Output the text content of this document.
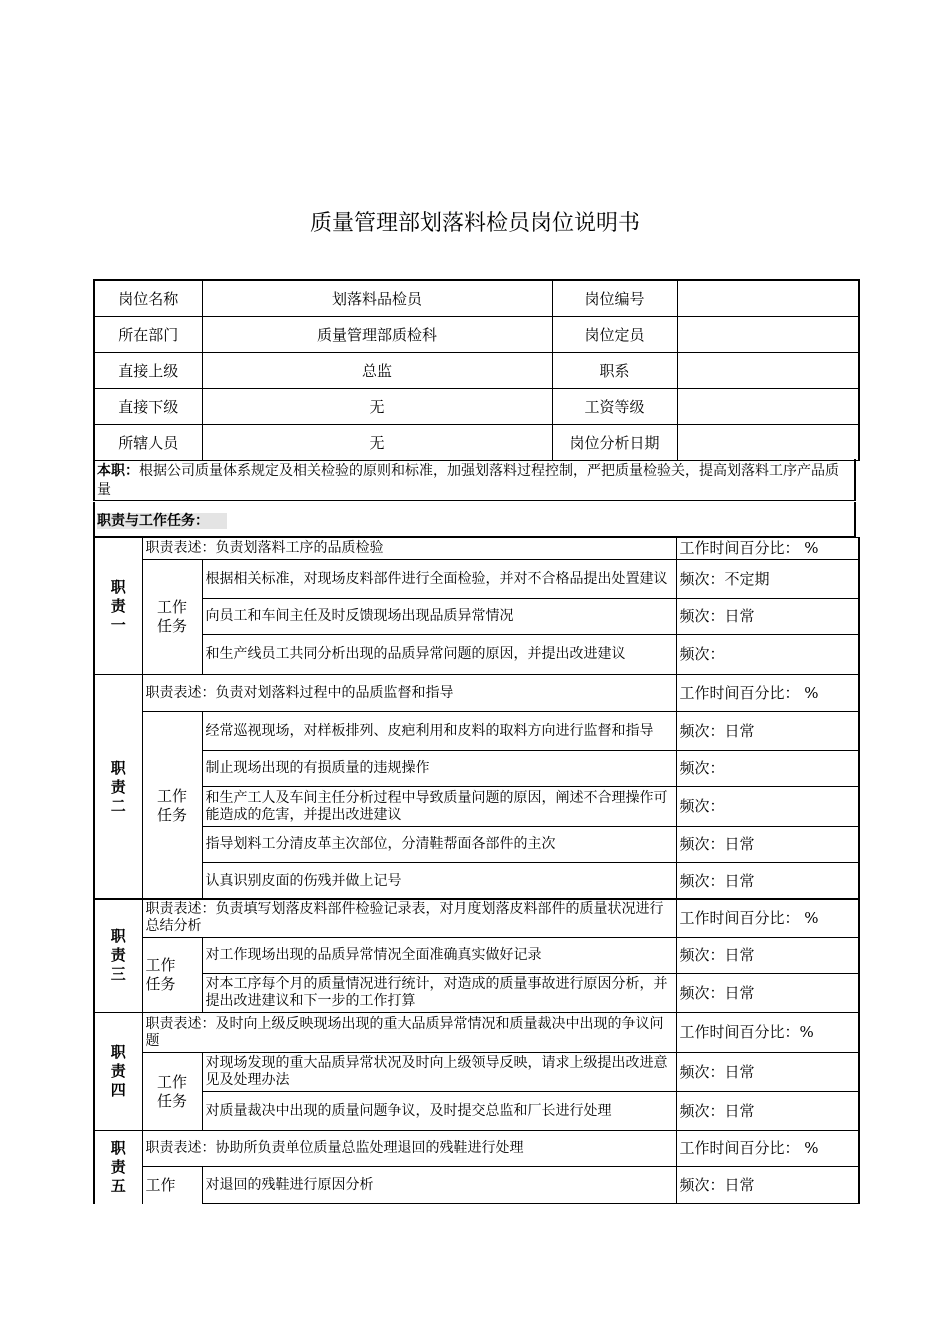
质量管理部划落料检员岗位说明书
岗位名称	划落料品检员	岗位编号	
所在部门	质量管理部质检科	岗位定员	
直接上级	总监	职系	
直接下级	无	工资等级	
所辖人员	无	岗位分析日期	
本职：根据公司质量体系规定及相关检验的原则和标准，加强划落料过程控制，严把质量检验关，提高划落料工序产品质量
职责与工作任务：
职
责
一	职责表述：负责划落料工序的品质检验		工作时间百分比： %
	工作任务	根据相关标准，对现场皮料部件进行全面检验，并对不合格品提出处置建议	频次：不定期
		向员工和车间主任及时反馈现场出现品质异常情况	频次：日常
		和生产线员工共同分析出现的品质异常问题的原因，并提出改进建议	频次：
职
责
二	职责表述：负责对划落料过程中的品质监督和指导		工作时间百分比： %
	工作任务	经常巡视现场，对样板排列、皮疤利用和皮料的取料方向进行监督和指导	频次：日常
		制止现场出现的有损质量的违规操作	频次：
		和生产工人及车间主任分析过程中导致质量问题的原因，阐述不合理操作可能造成的危害，并提出改进建议	频次：
		指导划料工分清皮革主次部位，分清鞋帮面各部件的主次	频次：日常
		认真识别皮面的伤残并做上记号	频次：日常
职
责
三	职责表述：负责填写划落皮料部件检验记录表，对月度划落皮料部件的质量状况进行总结分析		工作时间百分比： %
	工作任务	对工作现场出现的品质异常情况全面准确真实做好记录	频次：日常
		对本工序每个月的质量情况进行统计，对造成的质量事故进行原因分析，并提出改进建议和下一步的工作打算	频次：日常
职
责
四	职责表述：及时向上级反映现场出现的重大品质异常情况和质量裁决中出现的争议问题		工作时间百分比：%
	工作任务	对现场发现的重大品质异常状况及时向上级领导反映，请求上级提出改进意见及处理办法	频次：日常
		对质量裁决中出现的质量问题争议，及时提交总监和厂长进行处理	频次：日常
职
责
五	职责表述：协助所负责单位质量总监处理退回的残鞋进行处理		工作时间百分比： %
	工作	对退回的残鞋进行原因分析	频次：日常
